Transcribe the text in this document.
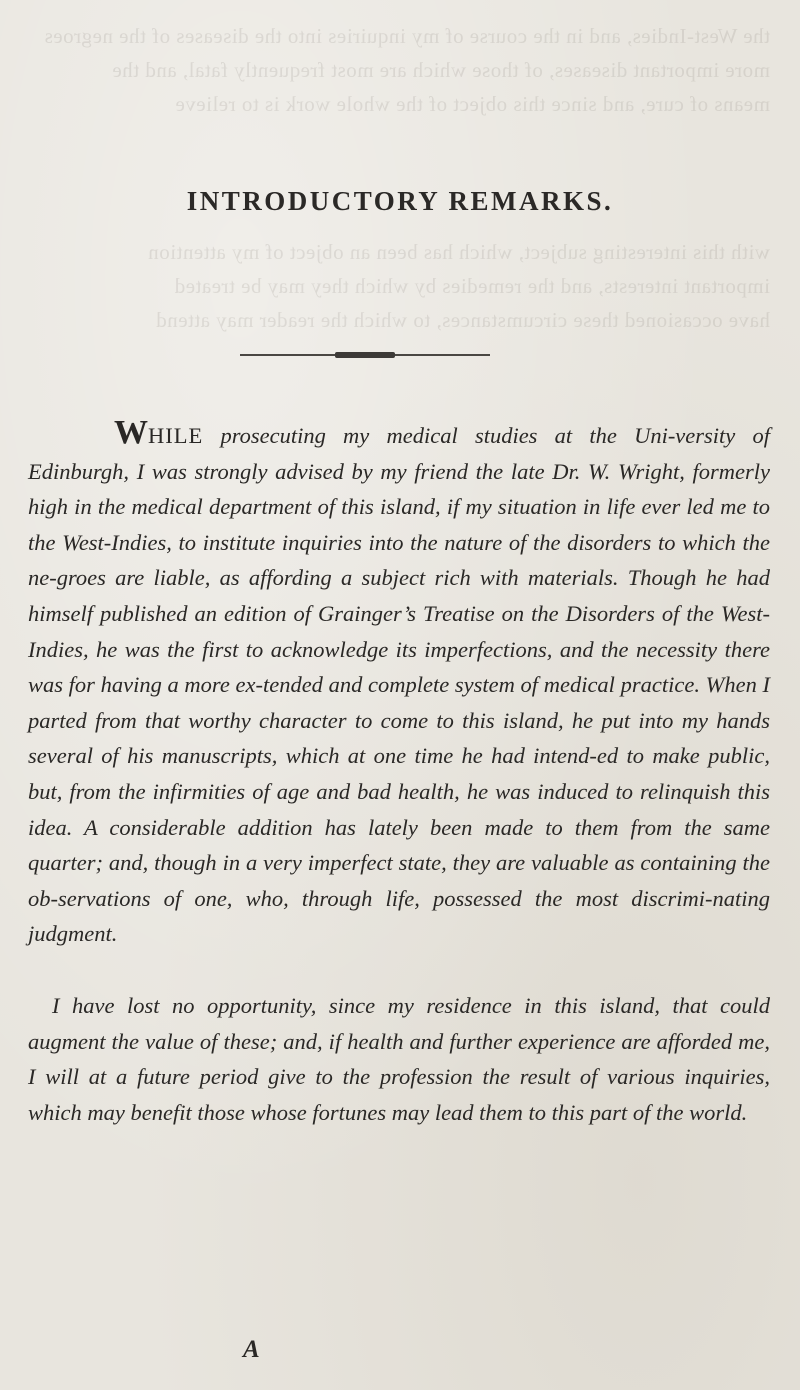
the West-Indies, and in the course of my inquiries into the diseases of the negroes
more important diseases, of those which are most frequently fatal, and the
means of cure, and since this object of the whole work is to relieve
with this interesting subject, which has been an object of my attention
important interests, and the remedies by which they may be treated
have occasioned these circumstances, to which the reader may attend
INTRODUCTORY REMARKS.

WHILE prosecuting my medical studies at the Uni-versity of Edinburgh, I was strongly advised by my friend the late Dr. W. Wright, formerly high in the medical department of this island, if my situation in life ever led me to the West-Indies, to institute inquiries into the nature of the disorders to which the ne-groes are liable, as affording a subject rich with materials. Though he had himself published an edition of Grainger’s Treatise on the Disorders of the West-Indies, he was the first to acknowledge its imperfections, and the necessity there was for having a more ex-tended and complete system of medical practice. When I parted from that worthy character to come to this island, he put into my hands several of his manuscripts, which at one time he had intend-ed to make public, but, from the infirmities of age and bad health, he was induced to relinquish this idea. A considerable addition has lately been made to them from the same quarter; and, though in a very imperfect state, they are valuable as containing the ob-servations of one, who, through life, possessed the most discrimi-nating judgment.

I have lost no opportunity, since my residence in this island, that could augment the value of these; and, if health and further experience are afforded me, I will at a future period give to the profession the result of various inquiries, which may benefit those whose fortunes may lead them to this part of the world.

A
